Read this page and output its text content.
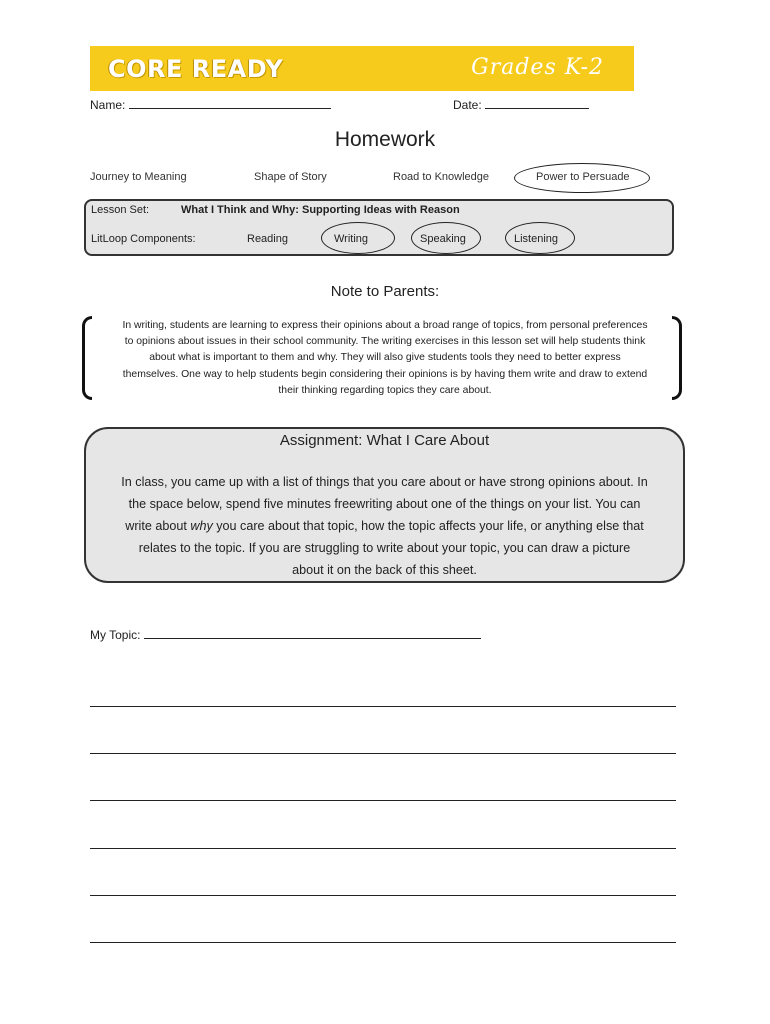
CORE READY	Grades K-2
Name:	Date:
Homework
Journey to Meaning	Shape of Story	Road to Knowledge	Power to Persuade
Lesson Set:	What I Think and Why: Supporting Ideas with Reason
LitLoop Components:	Reading	Writing	Speaking	Listening
Note to Parents:
In writing, students are learning to express their opinions about a broad range of topics, from personal preferences
to opinions about issues in their school community. The writing exercises in this lesson set will help students think
about what is important to them and why. They will also give students tools they need to better express
themselves. One way to help students begin considering their opinions is by having them write and draw to extend
their thinking regarding topics they care about.
Assignment: What I Care About
In class, you came up with a list of things that you care about or have strong opinions about. In
the space below, spend five minutes freewriting about one of the things on your list. You can
write about why you care about that topic, how the topic affects your life, or anything else that
relates to the topic. If you are struggling to write about your topic, you can draw a picture
about it on the back of this sheet.
My Topic:
